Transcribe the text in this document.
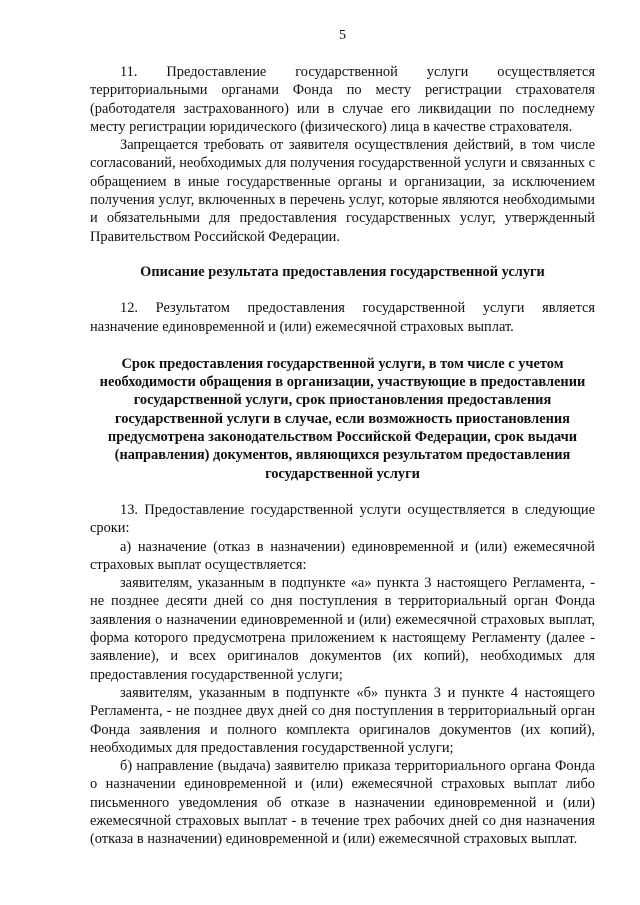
5

11. Предоставление государственной услуги осуществляется территориальными органами Фонда по месту регистрации страхователя (работодателя застрахованного) или в случае его ликвидации по последнему месту регистрации юридического (физического) лица в качестве страхователя.

Запрещается требовать от заявителя осуществления действий, в том числе согласований, необходимых для получения государственной услуги и связанных с обращением в иные государственные органы и организации, за исключением получения услуг, включенных в перечень услуг, которые являются необходимыми и обязательными для предоставления государственных услуг, утвержденный Правительством Российской Федерации.

Описание результата предоставления государственной услуги

12. Результатом предоставления государственной услуги является назначение единовременной и (или) ежемесячной страховых выплат.

Срок предоставления государственной услуги, в том числе с учетом необходимости обращения в организации, участвующие в предоставлении государственной услуги, срок приостановления предоставления государственной услуги в случае, если возможность приостановления предусмотрена законодательством Российской Федерации, срок выдачи (направления) документов, являющихся результатом предоставления государственной услуги

13. Предоставление государственной услуги осуществляется в следующие сроки:

а) назначение (отказ в назначении) единовременной и (или) ежемесячной страховых выплат осуществляется:

заявителям, указанным в подпункте «а» пункта 3 настоящего Регламента, - не позднее десяти дней со дня поступления в территориальный орган Фонда заявления о назначении единовременной и (или) ежемесячной страховых выплат, форма которого предусмотрена приложением к настоящему Регламенту (далее - заявление), и всех оригиналов документов (их копий), необходимых для предоставления государственной услуги;

заявителям, указанным в подпункте «б» пункта 3 и пункте 4 настоящего Регламента, - не позднее двух дней со дня поступления в территориальный орган Фонда заявления и полного комплекта оригиналов документов (их копий), необходимых для предоставления государственной услуги;

б) направление (выдача) заявителю приказа территориального органа Фонда о назначении единовременной и (или) ежемесячной страховых выплат либо письменного уведомления об отказе в назначении единовременной и (или) ежемесячной страховых выплат - в течение трех рабочих дней со дня назначения (отказа в назначении) единовременной и (или) ежемесячной страховых выплат.
